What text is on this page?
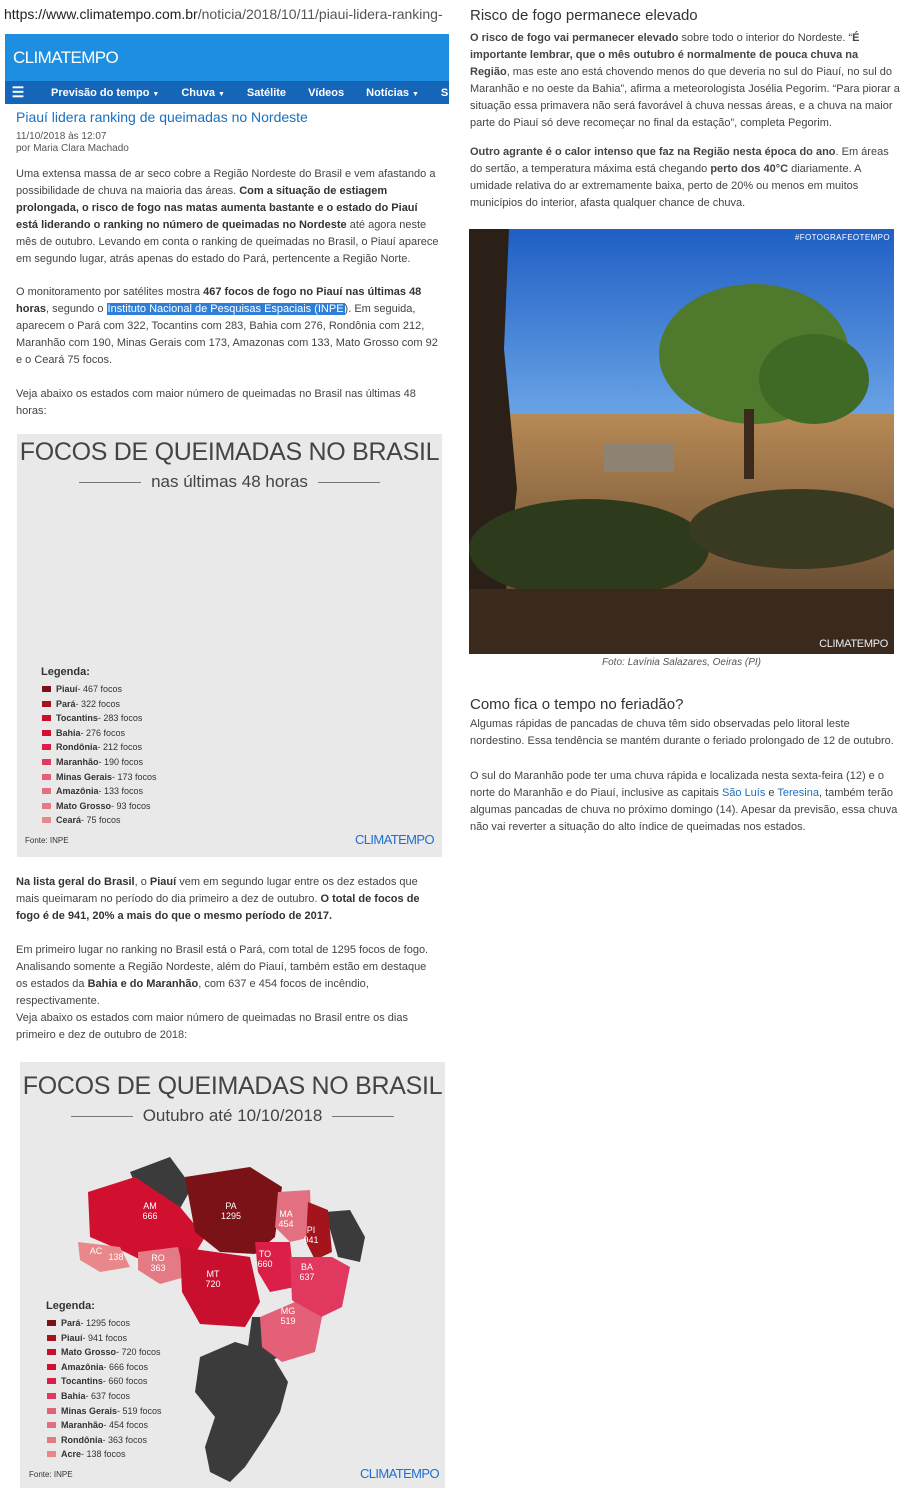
https://www.climatempo.com.br/noticia/2018/10/11/piaui-lidera-ranking-
CLIMATEMPO
☰	Previsão do tempo ▼ Chuva ▼ Satélite Vídeos Notícias ▼ S
Piauí lidera ranking de queimadas no Nordeste
11/10/2018 às 12:07
por Maria Clara Machado
Uma extensa massa de ar seco cobre a Região Nordeste do Brasil e vem afastando a possibilidade de chuva na maioria das áreas. Com a situação de estiagem prolongada, o risco de fogo nas matas aumenta bastante e o estado do Piauí está liderando o ranking no número de queimadas no Nordeste até agora neste mês de outubro. Levando em conta o ranking de queimadas no Brasil, o Piauí aparece em segundo lugar, atrás apenas do estado do Pará, pertencente a Região Norte.
O monitoramento por satélites mostra 467 focos de fogo no Piauí nas últimas 48 horas, segundo o Instituto Nacional de Pesquisas Espaciais (INPE). Em seguida, aparecem o Pará com 322, Tocantins com 283, Bahia com 276, Rondônia com 212, Maranhão com 190, Minas Gerais com 173, Amazonas com 133, Mato Grosso com 92 e o Ceará 75 focos.
Veja abaixo os estados com maior número de queimadas no Brasil nas últimas 48 horas:
FOCOS DE QUEIMADAS NO BRASIL
nas últimas 48 horas
Legenda:
Piauí - 467 focos
Pará - 322 focos
Tocantins - 283 focos
Bahia - 276 focos
Rondônia - 212 focos
Maranhão - 190 focos
Minas Gerais - 173 focos
Amazônia - 133 focos
Mato Grosso - 93 focos
Ceará - 75 focos
Fonte: INPE	CLIMATEMPO
Na lista geral do Brasil, o Piauí vem em segundo lugar entre os dez estados que mais queimaram no período do dia primeiro a dez de outubro. O total de focos de fogo é de 941, 20% a mais do que o mesmo período de 2017.
Em primeiro lugar no ranking no Brasil está o Pará, com total de 1295 focos de fogo. Analisando somente a Região Nordeste, além do Piauí, também estão em destaque os estados da Bahia e do Maranhão, com 637 e 454 focos de incêndio, respectivamente.
Veja abaixo os estados com maior número de queimadas no Brasil entre os dias primeiro e dez de outubro de 2018:
FOCOS DE QUEIMADAS NO BRASIL
Outubro até 10/10/2018
AM
666
PA
1295	MA
454
PI
941
AC
138	RO
363
MT
720
TO
660	BA
637
MG
519
Legenda:
Pará - 1295 focos
Piauí - 941 focos
Mato Grosso - 720 focos
Amazônia - 666 focos
Tocantins - 660 focos
Bahia - 637 focos
Minas Gerais - 519 focos
Maranhão - 454 focos
Rondônia - 363 focos
Acre - 138 focos
Fonte: INPE	CLIMATEMPO
Risco de fogo permanece elevado
O risco de fogo vai permanecer elevado sobre todo o interior do Nordeste. “É importante lembrar, que o mês outubro é normalmente de pouca chuva na Região, mas este ano está chovendo menos do que deveria no sul do Piauí, no sul do Maranhão e no oeste da Bahia”, afirma a meteorologista Josélia Pegorim. “Para piorar a situação essa primavera não será favorável à chuva nessas áreas, e a chuva na maior parte do Piauí só deve recomeçar no final da estação”, completa Pegorim.
Outro agrante é o calor intenso que faz na Região nesta época do ano. Em áreas do sertão, a temperatura máxima está chegando perto dos 40°C diariamente. A umidade relativa do ar extremamente baixa, perto de 20% ou menos em muitos municípios do interior, afasta qualquer chance de chuva.
#FOTOGRAFEOTEMPO
CLIMATEMPO
Foto: Lavínia Salazares, Oeiras (PI)
Como fica o tempo no feriadão?
Algumas rápidas de pancadas de chuva têm sido observadas pelo litoral leste nordestino. Essa tendência se mantém durante o feriado prolongado de 12 de outubro.
O sul do Maranhão pode ter uma chuva rápida e localizada nesta sexta-feira (12) e o norte do Maranhão e do Piauí, inclusive as capitais São Luís e Teresina, também terão algumas pancadas de chuva no próximo domingo (14). Apesar da previsão, essa chuva não vai reverter a situação do alto índice de queimadas nos estados.
